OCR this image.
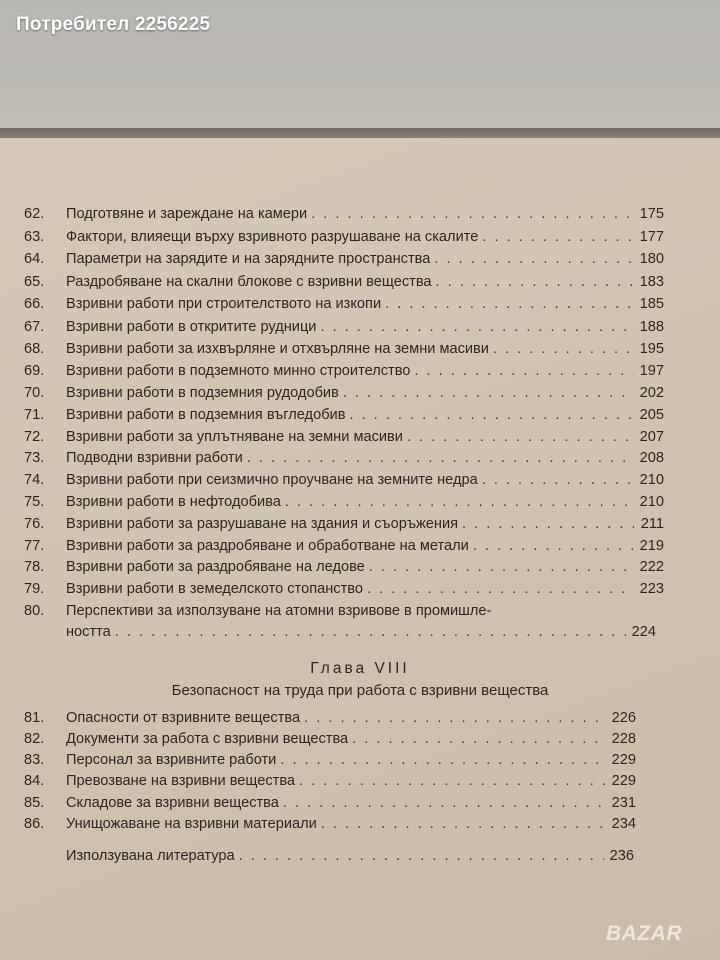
Потребител 2256225
62.	Подготвяне и зареждане на камери . . .	175
63.	Фактори, влияещи върху взривното разрушаване на скалите . . .	177
64.	Параметри на зарядите и на зарядните пространства . . .	180
65.	Раздробяване на скални блокове с взривни вещества . . .	183
66.	Взривни работи при строителството на изкопи . . .	185
67.	Взривни работи в откритите рудници . . .	188
68.	Взривни работи за изхвърляне и отхвърляне на земни масиви . . .	195
69.	Взривни работи в подземното минно строителство . . .	197
70.	Взривни работи в подземния рудодобив . . .	202
71.	Взривни работи в подземния въгледобив . . .	205
72.	Взривни работи за уплътняване на земни масиви . . .	207
73.	Подводни взривни работи . . .	208
74.	Взривни работи при сеизмично проучване на земните недра . . .	210
75.	Взривни работи в нефтодобива . . .	210
76.	Взривни работи за разрушаване на здания и съоръжения . . .	211
77.	Взривни работи за раздробяване и обработване на метали . . .	219
78.	Взривни работи за раздробяване на ледове . . .	222
79.	Взривни работи в земеделското стопанство . . .	223
80.	Перспективи за използуване на атомни взривове в промишле-
ността . . .	224
Глава VIII
Безопасност на труда при работа с взривни вещества
81.	Опасности от взривните вещества . . .	226
82.	Документи за работа с взривни вещества . . .	228
83.	Персонал за взривните работи . . .	229
84.	Превозване на взривни вещества . . .	229
85.	Складове за взривни вещества . . .	231
86.	Унищожаване на взривни материали . . .	234
Използувана литература . . .	236
BAZAR
